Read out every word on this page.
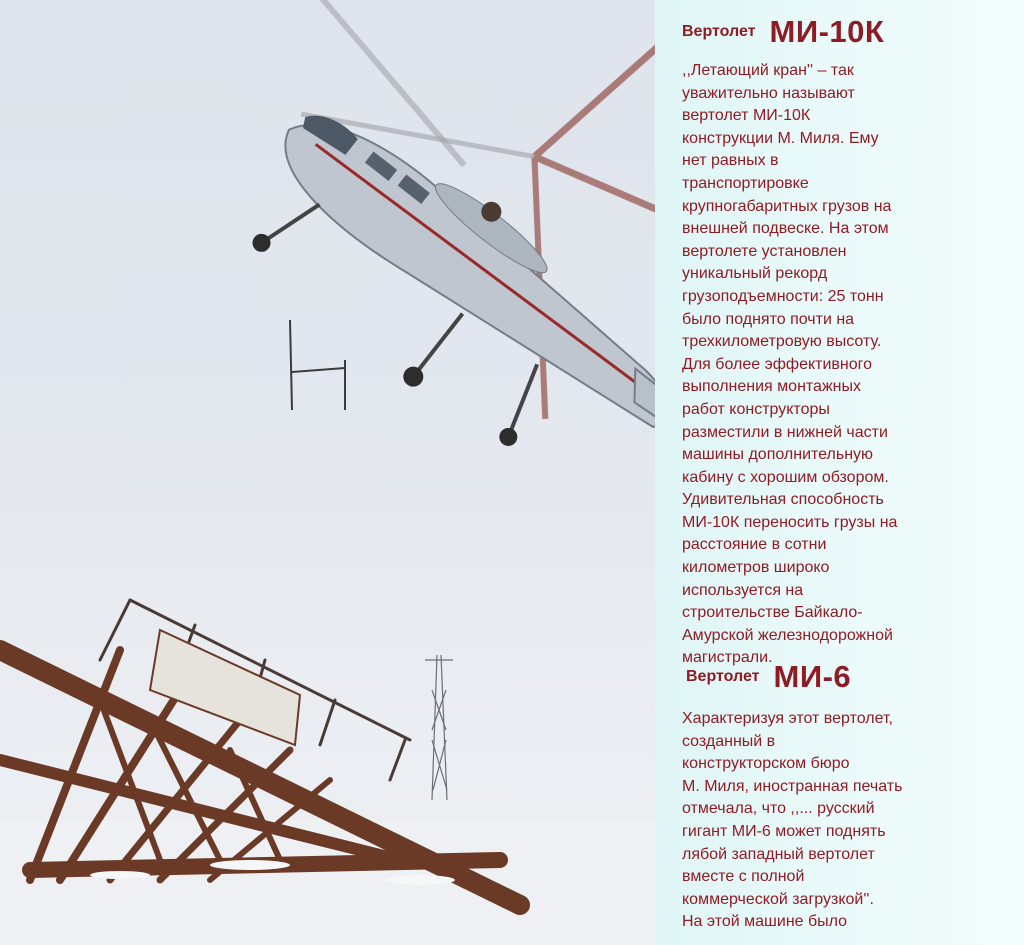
Вертолет МИ-10К
,,Летающий кран'' – так
уважительно называют
вертолет МИ-10К
конструкции М. Миля. Ему
нет равных в
транспортировке
крупногабаритных грузов на
внешней подвеске. На этом
вертолете установлен
уникальный рекорд
грузоподъемности: 25 тонн
было поднято почти на
трехкилометровую высоту.
Для более эффективного
выполнения монтажных
работ конструкторы
разместили в нижней части
машины дополнительную
кабину с хорошим обзором.
Удивительная способность
МИ-10К переносить грузы на
расстояние в сотни
километров широко
используется на
строительстве Байкало-
Амурской железнодорожной
магистрали.
Вертолет МИ-6
Характеризуя этот вертолет,
созданный в
конструкторском бюро
М. Миля, иностранная печать
отмечала, что ,,... русский
гигант МИ-6 может поднять
лябой западный вертолет
вместе с полной
коммерческой загрузкой''.
На этой машине было
